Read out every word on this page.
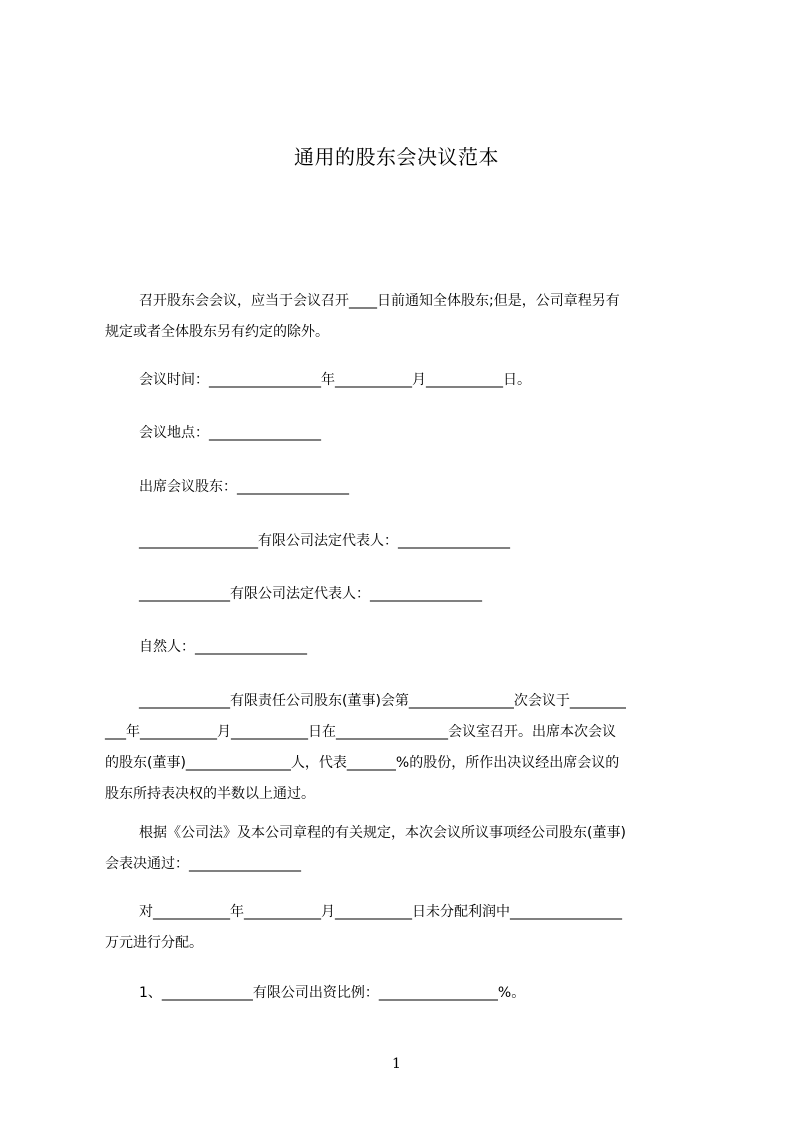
通用的股东会决议范本
召开股东会会议，应当于会议召开____日前通知全体股东;但是，公司章程另有
规定或者全体股东另有约定的除外。
会议时间：________________年___________月___________日。
会议地点：________________
出席会议股东：________________
_________________有限公司法定代表人：________________
_____________有限公司法定代表人：________________
自然人：________________
_____________有限责任公司股东(董事)会第_______________次会议于________
___年___________月___________日在________________会议室召开。出席本次会议
的股东(董事)_______________人，代表_______%的股份，所作出决议经出席会议的
股东所持表决权的半数以上通过。
根据《公司法》及本公司章程的有关规定，本次会议所议事项经公司股东(董事)
会表决通过：________________
对___________年___________月___________日未分配利润中________________
万元进行分配。
1、_____________有限公司出资比例：_________________%。
1
